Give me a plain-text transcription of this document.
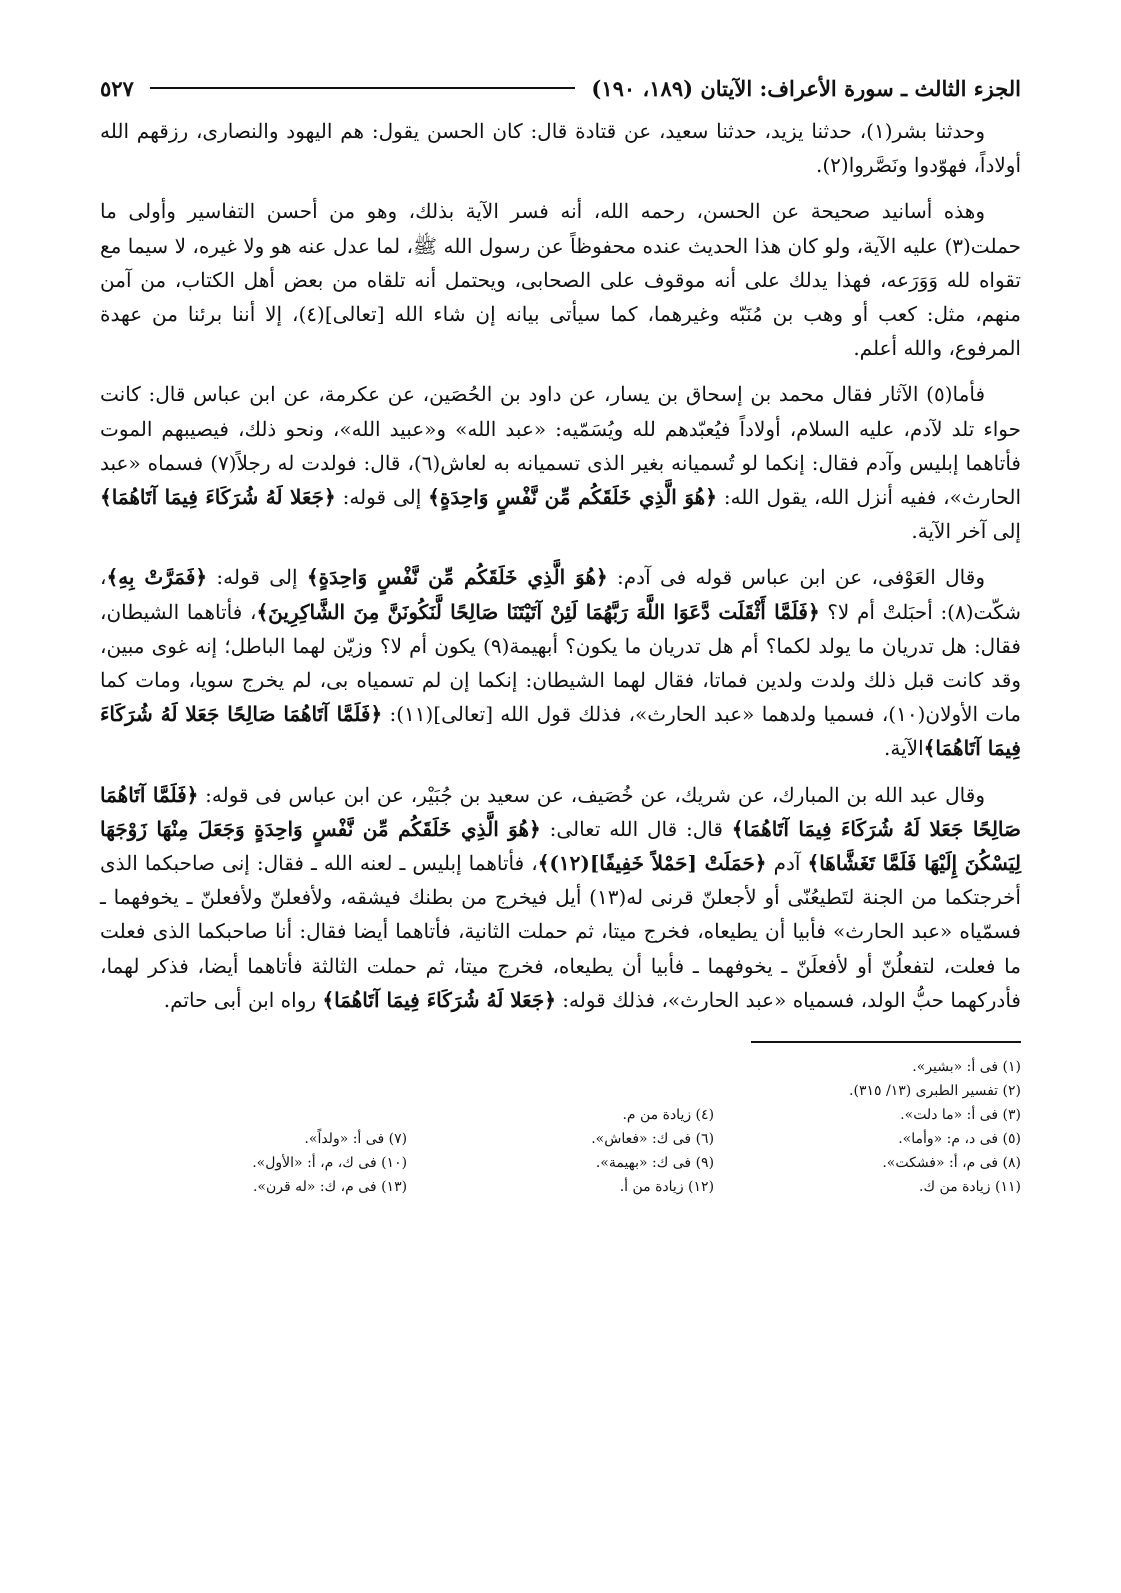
الجزء الثالث ـ سورة الأعراف: الآيتان (١٨٩، ١٩٠)
٥٢٧

وحدثنا بشر(١)، حدثنا يزيد، حدثنا سعيد، عن قتادة قال: كان الحسن يقول: هم اليهود والنصارى، رزقهم الله أولاداً، فهوّدوا ونَصَّروا(٢).

وهذه أسانيد صحيحة عن الحسن، رحمه الله، أنه فسر الآية بذلك، وهو من أحسن التفاسير وأولى ما حملت(٣) عليه الآية، ولو كان هذا الحديث عنده محفوظاً عن رسول الله ﷺ، لما عدل عنه هو ولا غيره، لا سيما مع تقواه لله وَوَرَعه، فهذا يدلك على أنه موقوف على الصحابى، ويحتمل أنه تلقاه من بعض أهل الكتاب، من آمن منهم، مثل: كعب أو وهب بن مُنَبّه وغيرهما، كما سيأتى بيانه إن شاء الله [تعالى](٤)، إلا أننا برئنا من عهدة المرفوع، والله أعلم.

فأما(٥) الآثار فقال محمد بن إسحاق بن يسار، عن داود بن الحُصَين، عن عكرمة، عن ابن عباس قال: كانت حواء تلد لآدم، عليه السلام، أولاداً فيُعبّدهم لله ويُسَمّيه: «عبد الله» و«عبيد الله»، ونحو ذلك، فيصيبهم الموت فأتاهما إبليس وآدم فقال: إنكما لو تُسميانه بغير الذى تسميانه به لعاش(٦)، قال: فولدت له رجلاً(٧) فسماه «عبد الحارث»، ففيه أنزل الله، يقول الله: ﴿هُوَ الَّذِي خَلَقَكُم مِّن نَّفْسٍ وَاحِدَةٍ﴾ إلى قوله: ﴿جَعَلا لَهُ شُرَكَاءَ فِيمَا آتَاهُمَا﴾ إلى آخر الآية.

وقال العَوْفى، عن ابن عباس قوله فى آدم: ﴿هُوَ الَّذِي خَلَقَكُم مِّن نَّفْسٍ وَاحِدَةٍ﴾ إلى قوله: ﴿فَمَرَّتْ بِهِ﴾، شكّت(٨): أحبَلتْ أم لا؟ ﴿فَلَمَّا أَثْقَلَت دَّعَوَا اللَّهَ رَبَّهُمَا لَئِنْ آتَيْتَنَا صَالِحًا لَّنَكُونَنَّ مِنَ الشَّاكِرِينَ﴾، فأتاهما الشيطان، فقال: هل تدريان ما يولد لكما؟ أم هل تدريان ما يكون؟ أبهيمة(٩) يكون أم لا؟ وزيّن لهما الباطل؛ إنه غوى مبين، وقد كانت قبل ذلك ولدت ولدين فماتا، فقال لهما الشيطان: إنكما إن لم تسمياه بى، لم يخرج سويا، ومات كما مات الأولان(١٠)، فسميا ولدهما «عبد الحارث»، فذلك قول الله [تعالى](١١): ﴿فَلَمَّا آتَاهُمَا صَالِحًا جَعَلا لَهُ شُرَكَاءَ فِيمَا آتَاهُمَا﴾الآية.

وقال عبد الله بن المبارك، عن شريك، عن خُصَيف، عن سعيد بن جُبَيْر، عن ابن عباس فى قوله: ﴿فَلَمَّا آتَاهُمَا صَالِحًا جَعَلا لَهُ شُرَكَاءَ فِيمَا آتَاهُمَا﴾ قال: قال الله تعالى: ﴿هُوَ الَّذِي خَلَقَكُم مِّن نَّفْسٍ وَاحِدَةٍ وَجَعَلَ مِنْهَا زَوْجَهَا لِيَسْكُنَ إِلَيْهَا فَلَمَّا تَغَشَّاهَا﴾ آدم ﴿حَمَلَتْ [حَمْلاً خَفِيفًا](١٢)﴾، فأتاهما إبليس ـ لعنه الله ـ فقال: إنى صاحبكما الذى أخرجتكما من الجنة لتَطيعُنّى أو لأجعلنّ قرنى له(١٣) أيل فيخرج من بطنك فيشقه، ولأفعلنّ ولأفعلنّ ـ يخوفهما ـ فسمّياه «عبد الحارث» فأبيا أن يطيعاه، فخرج ميتا، ثم حملت الثانية، فأتاهما أيضا فقال: أنا صاحبكما الذى فعلت ما فعلت، لتفعلُنّ أو لأفعلَنّ ـ يخوفهما ـ فأبيا أن يطيعاه، فخرج ميتا، ثم حملت الثالثة فأتاهما أيضا، فذكر لهما، فأدركهما حبُّ الولد، فسمياه «عبد الحارث»، فذلك قوله: ﴿جَعَلا لَهُ شُرَكَاءَ فِيمَا آتَاهُمَا﴾ رواه ابن أبى حاتم.

(١) فى أ: «بشير».
(٢) تفسير الطبرى (١٣/ ٣١٥).
(٣) فى أ: «ما دلت».
(٤) زيادة من م.
(٥) فى د، م: «وأما».
(٦) فى ك: «فعاش».
(٧) فى أ: «ولداً».
(٨) فى م، أ: «فشكت».
(٩) فى ك: «بهيمة».
(١٠) فى ك، م، أ: «الأول».
(١١) زيادة من ك.
(١٢) زيادة من أ.
(١٣) فى م، ك: «له قرن».
